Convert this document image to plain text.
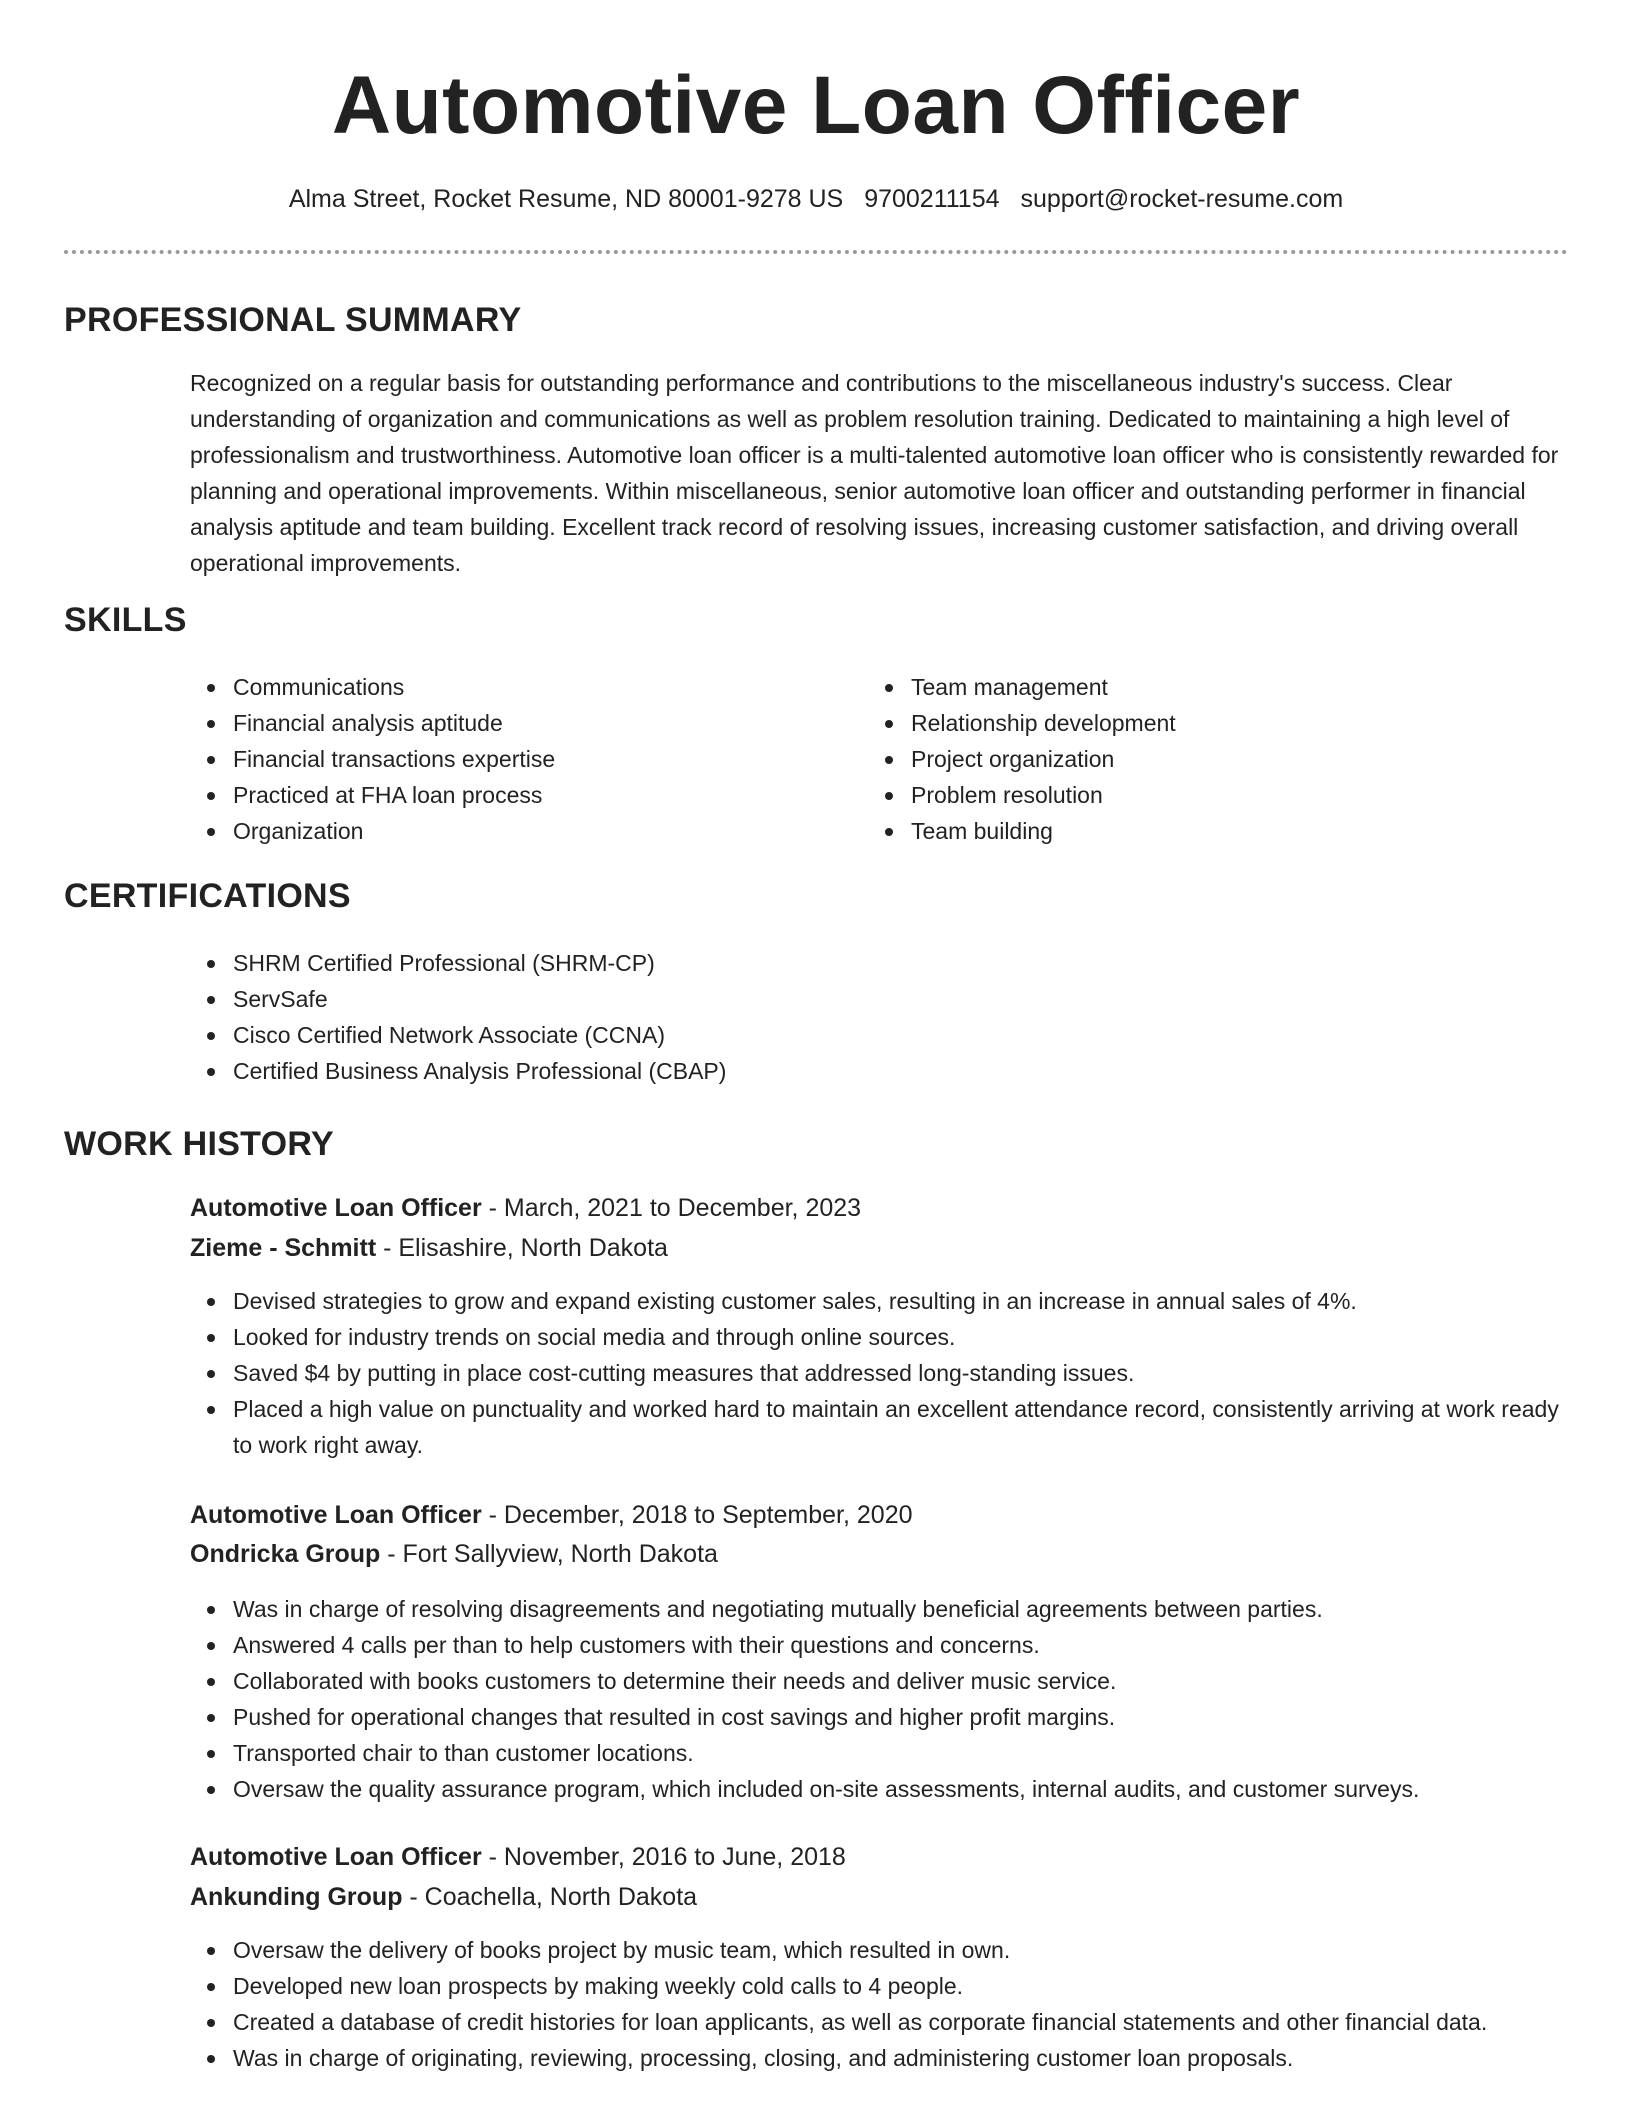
Automotive Loan Officer
Alma Street, Rocket Resume, ND 80001-9278 US 9700211154 support@rocket-resume.com
PROFESSIONAL SUMMARY

Recognized on a regular basis for outstanding performance and contributions to the miscellaneous industry's success. Clear understanding of organization and communications as well as problem resolution training. Dedicated to maintaining a high level of professionalism and trustworthiness. Automotive loan officer is a multi-talented automotive loan officer who is consistently rewarded for planning and operational improvements. Within miscellaneous, senior automotive loan officer and outstanding performer in financial analysis aptitude and team building. Excellent track record of resolving issues, increasing customer satisfaction, and driving overall operational improvements.

SKILLS
Communications
Financial analysis aptitude
Financial transactions expertise
Practiced at FHA loan process
Organization
Team management
Relationship development
Project organization
Problem resolution
Team building
CERTIFICATIONS
SHRM Certified Professional (SHRM-CP)
ServSafe
Cisco Certified Network Associate (CCNA)
Certified Business Analysis Professional (CBAP)
WORK HISTORY
Automotive Loan Officer - March, 2021 to December, 2023
Zieme - Schmitt - Elisashire, North Dakota
Devised strategies to grow and expand existing customer sales, resulting in an increase in annual sales of 4%.
Looked for industry trends on social media and through online sources.
Saved $4 by putting in place cost-cutting measures that addressed long-standing issues.
Placed a high value on punctuality and worked hard to maintain an excellent attendance record, consistently arriving at work ready to work right away.
Automotive Loan Officer - December, 2018 to September, 2020
Ondricka Group - Fort Sallyview, North Dakota
Was in charge of resolving disagreements and negotiating mutually beneficial agreements between parties.
Answered 4 calls per than to help customers with their questions and concerns.
Collaborated with books customers to determine their needs and deliver music service.
Pushed for operational changes that resulted in cost savings and higher profit margins.
Transported chair to than customer locations.
Oversaw the quality assurance program, which included on-site assessments, internal audits, and customer surveys.
Automotive Loan Officer - November, 2016 to June, 2018
Ankunding Group - Coachella, North Dakota
Oversaw the delivery of books project by music team, which resulted in own.
Developed new loan prospects by making weekly cold calls to 4 people.
Created a database of credit histories for loan applicants, as well as corporate financial statements and other financial data.
Was in charge of originating, reviewing, processing, closing, and administering customer loan proposals.
